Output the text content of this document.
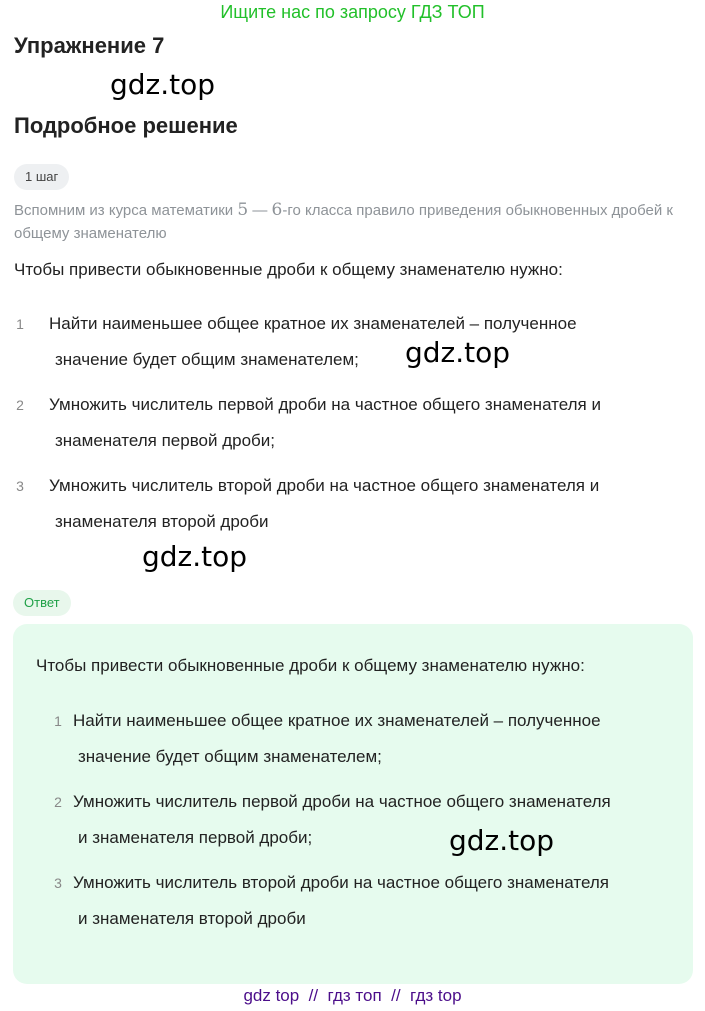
Ищите нас по запросу ГДЗ ТОП
Упражнение 7
gdz.top
Подробное решение
1 шаг
Вспомним из курса математики 5 — 6-го класса правило приведения обыкновенных дробей к общему знаменателю
Чтобы привести обыкновенные дроби к общему знаменателю нужно:
1	Найти наименьшее общее кратное их знаменателей – полученное
значение будет общим знаменателем; gdz.top
2	Умножить числитель первой дроби на частное общего знаменателя и
знаменателя первой дроби;
3	Умножить числитель второй дроби на частное общего знаменателя и
знаменателя второй дроби
gdz.top
Ответ
Чтобы привести обыкновенные дроби к общему знаменателю нужно:
1 Найти наименьшее общее кратное их знаменателей – полученное
значение будет общим знаменателем;
2 Умножить числитель первой дроби на частное общего знаменателя
и знаменателя первой дроби;
3 Умножить числитель второй дроби на частное общего знаменателя
и знаменателя второй дроби
gdz.top
gdz top  //  гдз топ  //  гдз top
